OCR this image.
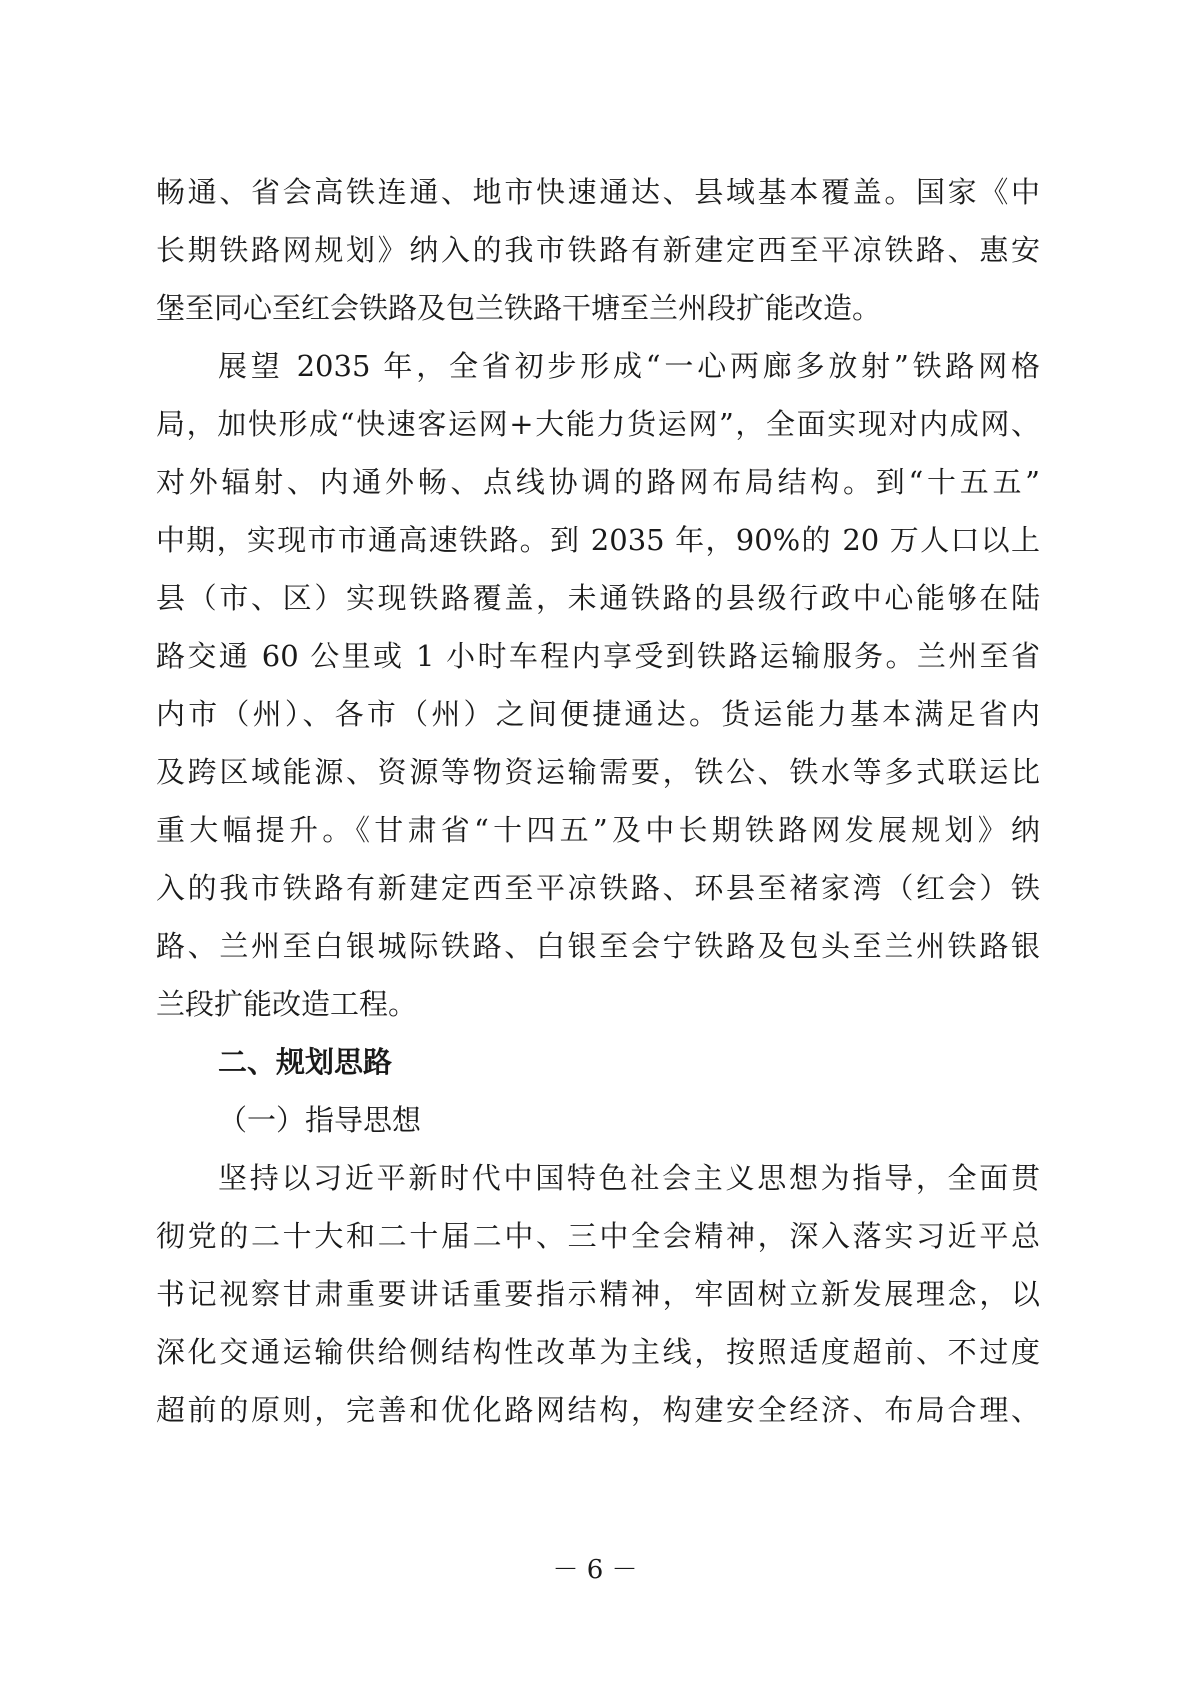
畅通、省会高铁连通、地市快速通达、县域基本覆盖。国家《中
长期铁路网规划》纳入的我市铁路有新建定西至平凉铁路、惠安
堡至同心至红会铁路及包兰铁路干塘至兰州段扩能改造。
展望 2035 年，全省初步形成“一心两廊多放射”铁路网格
局，加快形成“快速客运网+大能力货运网”，全面实现对内成网、
对外辐射、内通外畅、点线协调的路网布局结构。到“十五五”
中期，实现市市通高速铁路。到 2035 年，90%的 20 万人口以上
县（市、区）实现铁路覆盖，未通铁路的县级行政中心能够在陆
路交通 60 公里或 1 小时车程内享受到铁路运输服务。兰州至省
内市（州）、各市（州）之间便捷通达。货运能力基本满足省内
及跨区域能源、资源等物资运输需要，铁公、铁水等多式联运比
重大幅提升。《甘肃省“十四五”及中长期铁路网发展规划》纳
入的我市铁路有新建定西至平凉铁路、环县至褚家湾（红会）铁
路、兰州至白银城际铁路、白银至会宁铁路及包头至兰州铁路银
兰段扩能改造工程。
二、规划思路
（一）指导思想
坚持以习近平新时代中国特色社会主义思想为指导，全面贯
彻党的二十大和二十届二中、三中全会精神，深入落实习近平总
书记视察甘肃重要讲话重要指示精神，牢固树立新发展理念，以
深化交通运输供给侧结构性改革为主线，按照适度超前、不过度
超前的原则，完善和优化路网结构，构建安全经济、布局合理、
－ 6 －
